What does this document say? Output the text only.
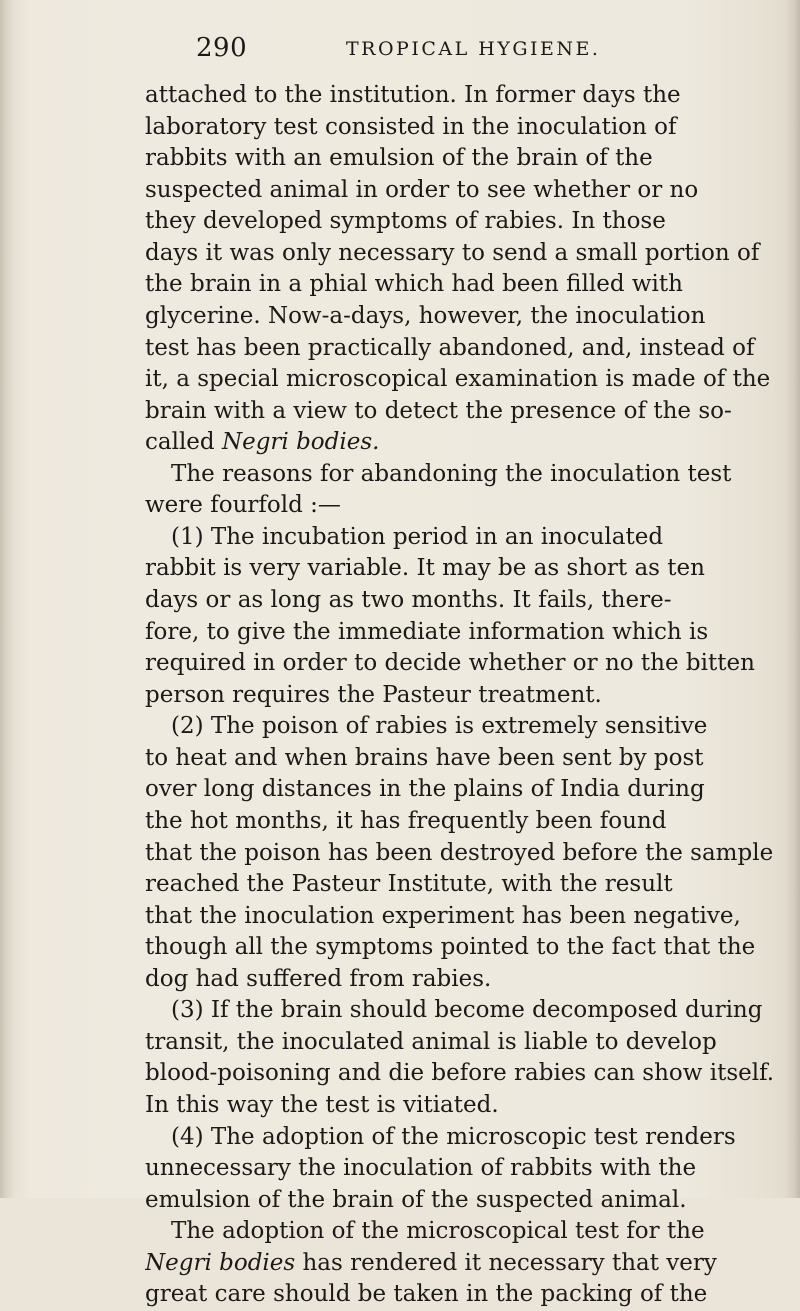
290	TROPICAL HYGIENE.
attached to the institution. In former days the
laboratory test consisted in the inoculation of
rabbits with an emulsion of the brain of the
suspected animal in order to see whether or no
they developed symptoms of rabies. In those
days it was only necessary to send a small portion of
the brain in a phial which had been filled with
glycerine. Now-a-days, however, the inoculation
test has been practically abandoned, and, instead of
it, a special microscopical examination is made of the
brain with a view to detect the presence of the so-
called Negri bodies.
The reasons for abandoning the inoculation test
were fourfold :—
(1) The incubation period in an inoculated
rabbit is very variable. It may be as short as ten
days or as long as two months. It fails, there-
fore, to give the immediate information which is
required in order to decide whether or no the bitten
person requires the Pasteur treatment.
(2) The poison of rabies is extremely sensitive
to heat and when brains have been sent by post
over long distances in the plains of India during
the hot months, it has frequently been found
that the poison has been destroyed before the sample
reached the Pasteur Institute, with the result
that the inoculation experiment has been negative,
though all the symptoms pointed to the fact that the
dog had suffered from rabies.
(3) If the brain should become decomposed during
transit, the inoculated animal is liable to develop
blood-poisoning and die before rabies can show itself.
In this way the test is vitiated.
(4) The adoption of the microscopic test renders
unnecessary the inoculation of rabbits with the
emulsion of the brain of the suspected animal.
The adoption of the microscopical test for the
Negri bodies has rendered it necessary that very
great care should be taken in the packing of the
